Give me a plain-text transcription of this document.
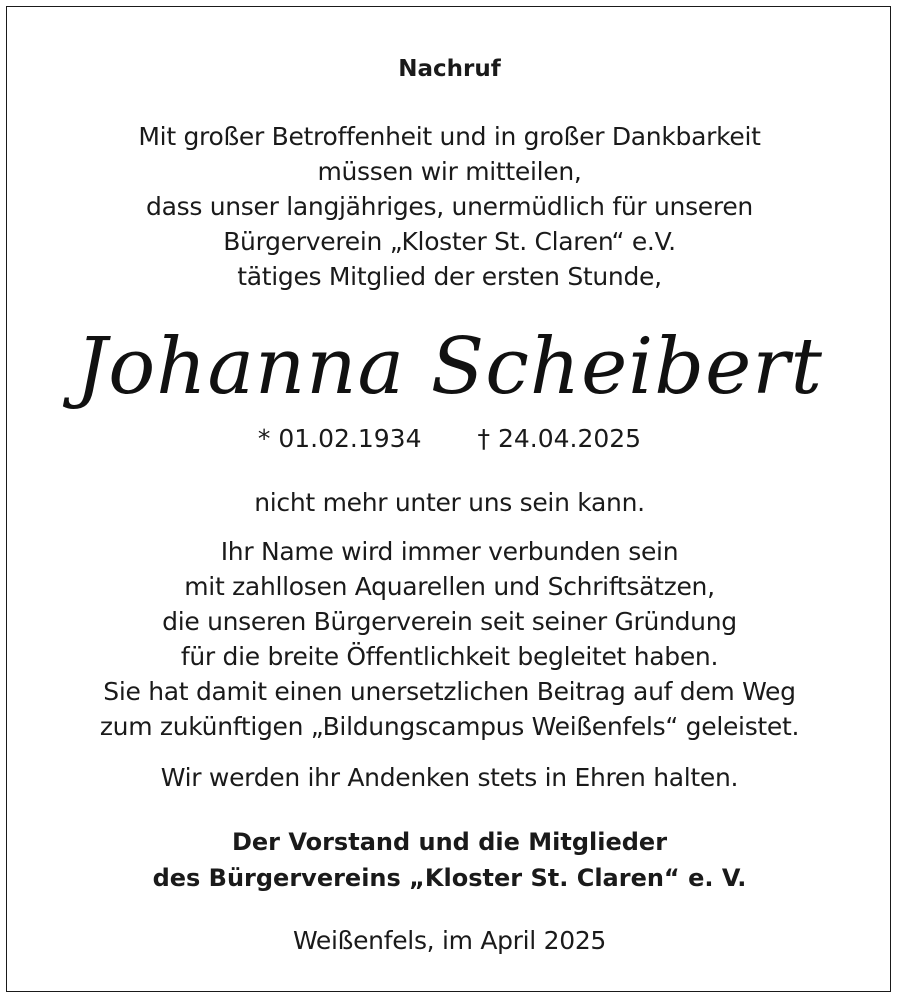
Nachruf
Mit großer Betroffenheit und in großer Dankbarkeit
müssen wir mitteilen,
dass unser langjähriges, unermüdlich für unseren
Bürgerverein „Kloster St. Claren“ e.V.
tätiges Mitglied der ersten Stunde,
Johanna Scheibert
* 01.02.1934 † 24.04.2025
nicht mehr unter uns sein kann.
Ihr Name wird immer verbunden sein
mit zahllosen Aquarellen und Schriftsätzen,
die unseren Bürgerverein seit seiner Gründung
für die breite Öffentlichkeit begleitet haben.
Sie hat damit einen unersetzlichen Beitrag auf dem Weg
zum zukünftigen „Bildungscampus Weißenfels“ geleistet.
Wir werden ihr Andenken stets in Ehren halten.
Der Vorstand und die Mitglieder
des Bürgervereins „Kloster St. Claren“ e. V.
Weißenfels, im April 2025
